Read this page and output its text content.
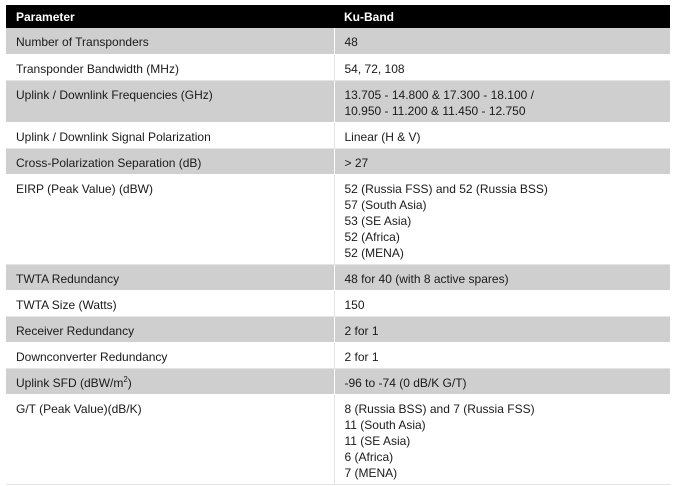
Parameter	Ku-Band
Number of Transponders	48

Transponder Bandwidth (MHz)	54, 72, 108

Uplink / Downlink Frequencies (GHz)	13.705 - 14.800 & 17.300 - 18.100 /
10.950 - 11.200 & 11.450 - 12.750

Uplink / Downlink Signal Polarization	Linear (H & V)

Cross-Polarization Separation (dB)	> 27

EIRP (Peak Value) (dBW)	52 (Russia FSS) and 52 (Russia BSS)
57 (South Asia)
53 (SE Asia)
52 (Africa)
52 (MENA)

TWTA Redundancy	48 for 40 (with 8 active spares)

TWTA Size (Watts)	150

Receiver Redundancy	2 for 1

Downconverter Redundancy	2 for 1

Uplink SFD $(dBW/m^2)$	-96 to -74 (0 dB/K G/T)

G/T (Peak Value)(dB/K)	8 (Russia BSS) and 7 (Russia FSS)
11 (South Asia)
11 (SE Asia)
6 (Africa)
7 (MENA)
